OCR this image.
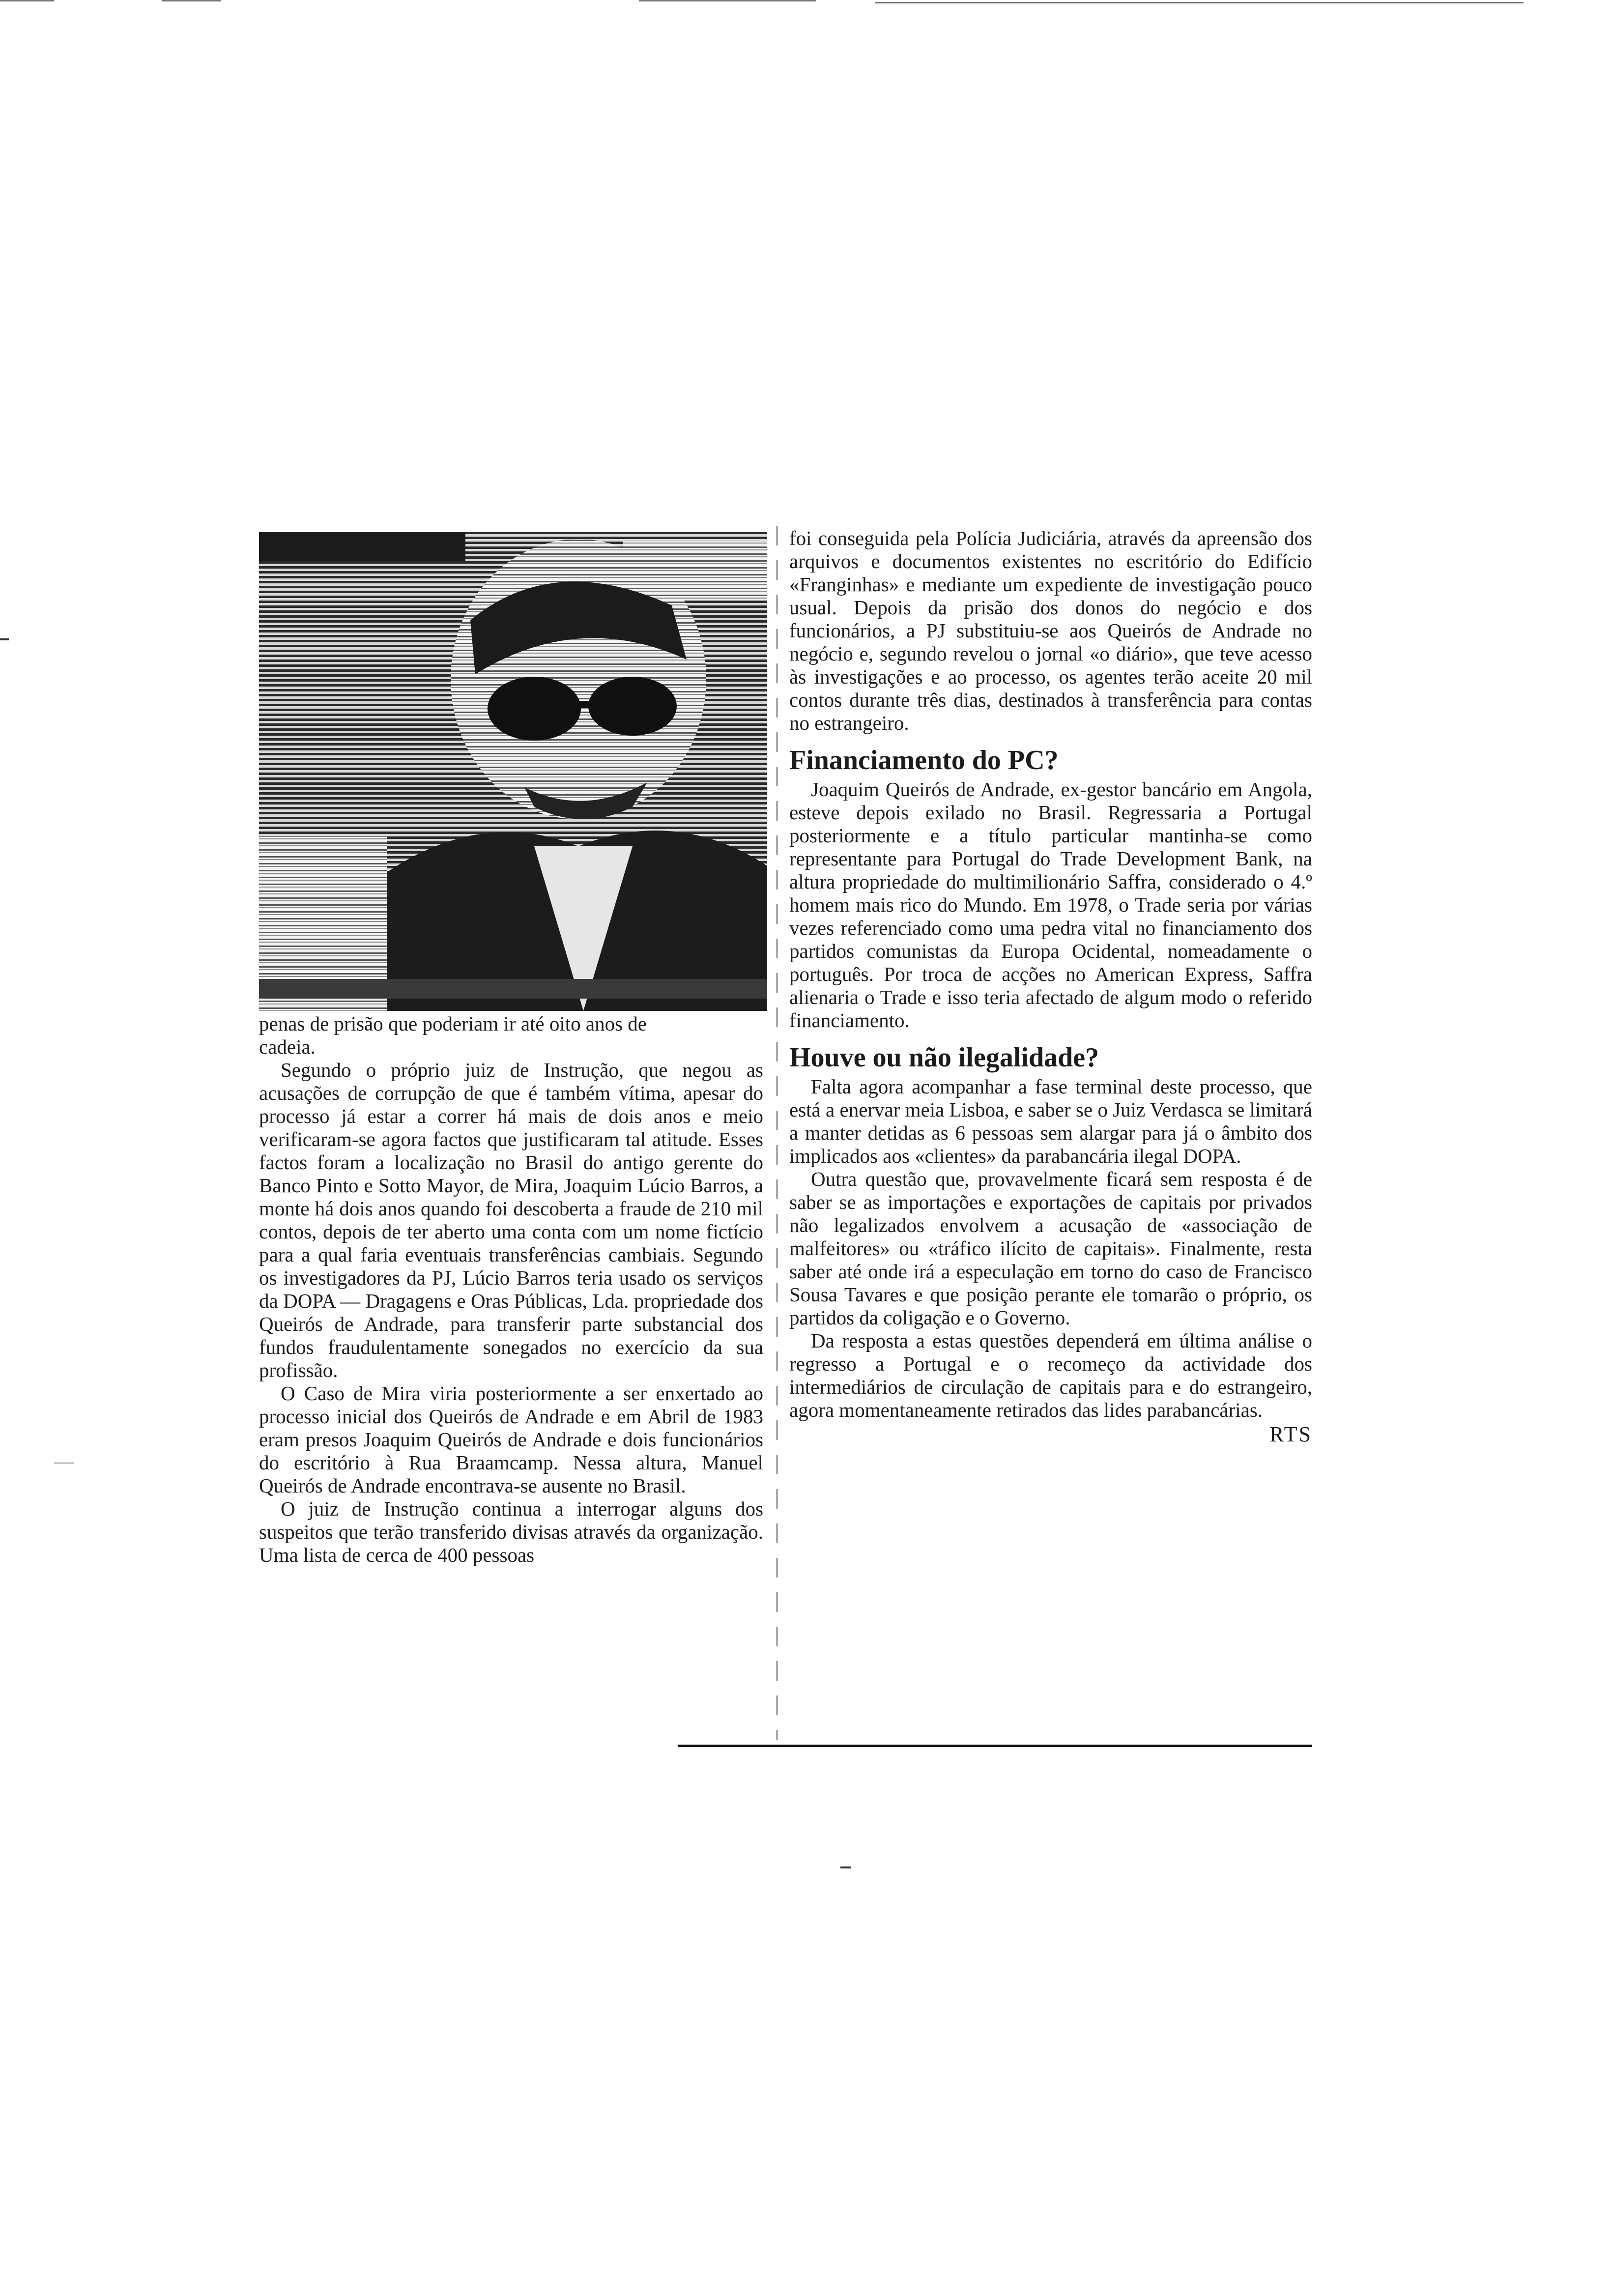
penas de prisão que poderiam ir até oito anos de
cadeia.

Segundo o próprio juiz de Instrução, que negou as acusações de corrupção de que é também vítima, apesar do processo já estar a correr há mais de dois anos e meio verificaram-se agora factos que justificaram tal atitude. Esses factos foram a localização no Brasil do antigo gerente do Banco Pinto e Sotto Mayor, de Mira, Joaquim Lúcio Barros, a monte há dois anos quando foi descoberta a fraude de 210 mil contos, depois de ter aberto uma conta com um nome fictício para a qual faria eventuais transferências cambiais. Segundo os investigadores da PJ, Lúcio Barros teria usado os serviços da DOPA — Dragagens e Oras Públicas, Lda. propriedade dos Queirós de Andrade, para transferir parte substancial dos fundos fraudulentamente sonegados no exercício da sua profissão.

O Caso de Mira viria posteriormente a ser enxertado ao processo inicial dos Queirós de Andrade e em Abril de 1983 eram presos Joaquim Queirós de Andrade e dois funcionários do escritório à Rua Braamcamp. Nessa altura, Manuel Queirós de Andrade encontrava-se ausente no Brasil.

O juiz de Instrução continua a interrogar alguns dos suspeitos que terão transferido divisas através da organização. Uma lista de cerca de 400 pessoas

foi conseguida pela Polícia Judiciária, através da apreensão dos arquivos e documentos existentes no escritório do Edifício «Franginhas» e mediante um expediente de investigação pouco usual. Depois da prisão dos donos do negócio e dos funcionários, a PJ substituiu-se aos Queirós de Andrade no negócio e, segundo revelou o jornal «o diário», que teve acesso às investigações e ao processo, os agentes terão aceite 20 mil contos durante três dias, destinados à transferência para contas no estrangeiro.

Financiamento do PC?

Joaquim Queirós de Andrade, ex-gestor bancário em Angola, esteve depois exilado no Brasil. Regressaria a Portugal posteriormente e a título particular mantinha-se como representante para Portugal do Trade Development Bank, na altura propriedade do multimilionário Saffra, considerado o 4.º homem mais rico do Mundo. Em 1978, o Trade seria por várias vezes referenciado como uma pedra vital no financiamento dos partidos comunistas da Europa Ocidental, nomeadamente o português. Por troca de acções no American Express, Saffra alienaria o Trade e isso teria afectado de algum modo o referido financiamento.

Houve ou não ilegalidade?

Falta agora acompanhar a fase terminal deste processo, que está a enervar meia Lisboa, e saber se o Juiz Verdasca se limitará a manter detidas as 6 pessoas sem alargar para já o âmbito dos implicados aos «clientes» da parabancária ilegal DOPA.

Outra questão que, provavelmente ficará sem resposta é de saber se as importações e exportações de capitais por privados não legalizados envolvem a acusação de «associação de malfeitores» ou «tráfico ilícito de capitais». Finalmente, resta saber até onde irá a especulação em torno do caso de Francisco Sousa Tavares e que posição perante ele tomarão o próprio, os partidos da coligação e o Governo.

Da resposta a estas questões dependerá em última análise o regresso a Portugal e o recomeço da actividade dos intermediários de circulação de capitais para e do estrangeiro, agora momentaneamente retirados das lides parabancárias.

RTS
